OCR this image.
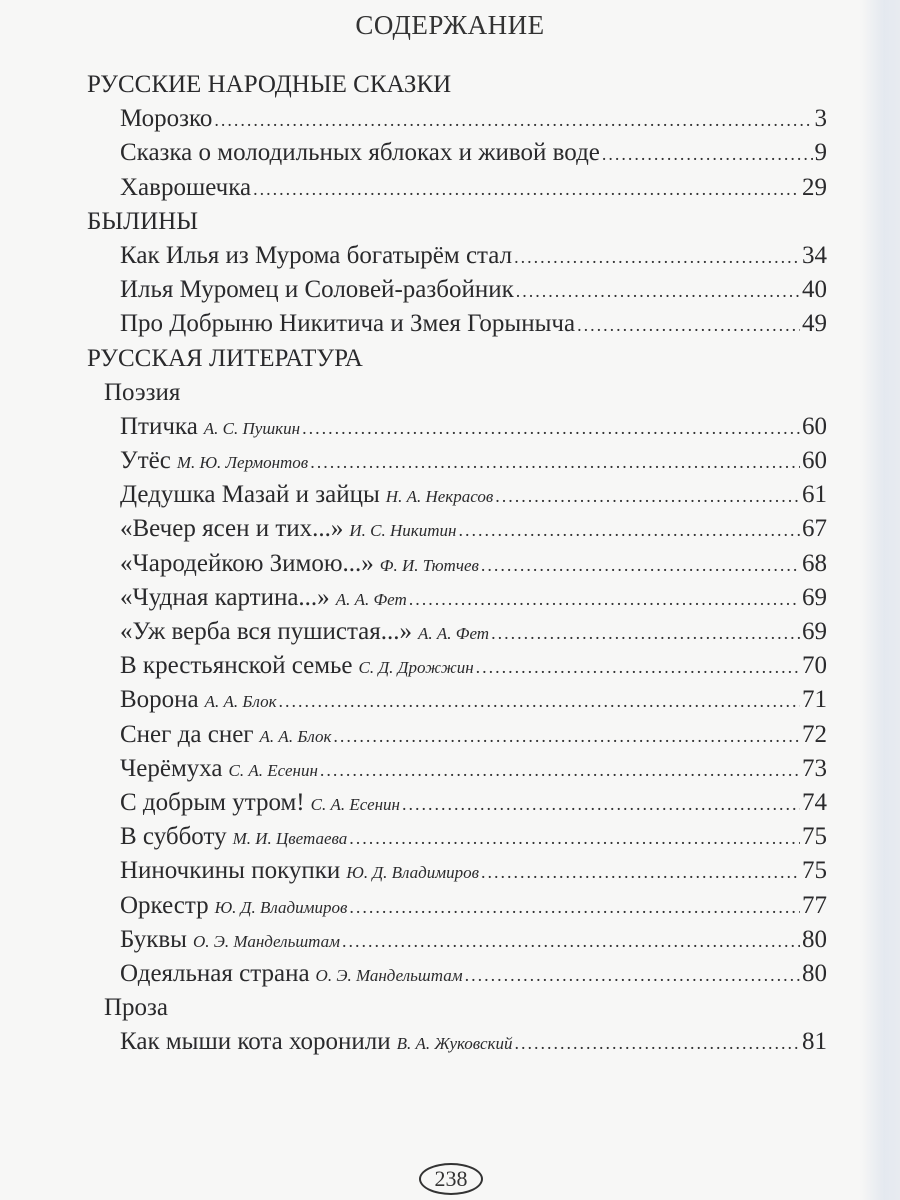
СОДЕРЖАНИЕ
РУССКИЕ НАРОДНЫЕ СКАЗКИ
Морозко .....	3
Сказка о молодильных яблоках и живой воде .....	9
Хаврошечка .....	29
БЫЛИНЫ
Как Илья из Мурома богатырём стал .....	34
Илья Муромец и Соловей-разбойник .....	40
Про Добрыню Никитича и Змея Горыныча .....	49
РУССКАЯ ЛИТЕРАТУРА
Поэзия
Птичка А. С. Пушкин .....	60
Утёс М. Ю. Лермонтов .....	60
Дедушка Мазай и зайцы Н. А. Некрасов .....	61
«Вечер ясен и тих...» И. С. Никитин .....	67
«Чародейкою Зимою...» Ф. И. Тютчев .....	68
«Чудная картина...» А. А. Фет .....	69
«Уж верба вся пушистая...» А. А. Фет .....	69
В крестьянской семье С. Д. Дрожжин .....	70
Ворона А. А. Блок .....	71
Снег да снег А. А. Блок .....	72
Черёмуха С. А. Есенин .....	73
С добрым утром! С. А. Есенин .....	74
В субботу М. И. Цветаева .....	75
Ниночкины покупки Ю. Д. Владимиров .....	75
Оркестр Ю. Д. Владимиров .....	77
Буквы О. Э. Мандельштам .....	80
Одеяльная страна О. Э. Мандельштам .....	80
Проза
Как мыши кота хоронили В. А. Жуковский .....	81
238
